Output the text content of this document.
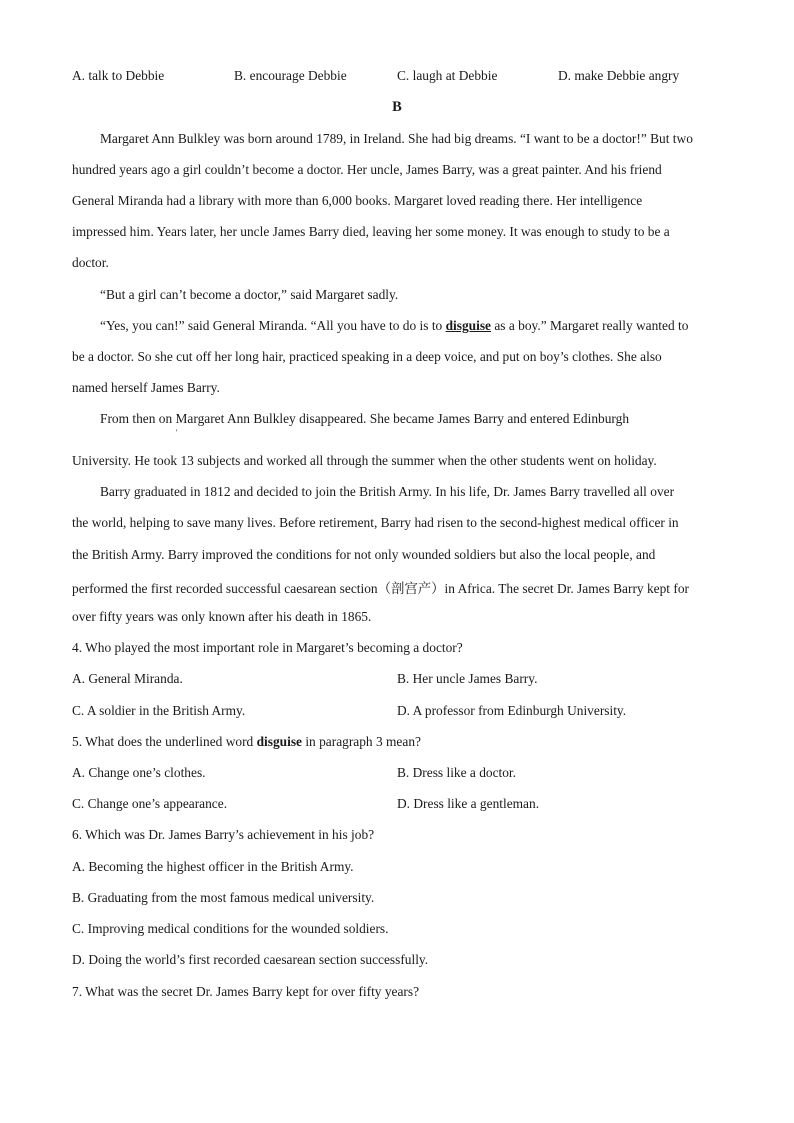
A. talk to Debbie	B. encourage Debbie	C. laugh at Debbie	D. make Debbie angry
B
Margaret Ann Bulkley was born around 1789, in Ireland. She had big dreams. “I want to be a doctor!” But two
hundred years ago a girl couldn’t become a doctor. Her uncle, James Barry, was a great painter. And his friend
General Miranda had a library with more than 6,000 books. Margaret loved reading there. Her intelligence
impressed him. Years later, her uncle James Barry died, leaving her some money. It was enough to study to be a
doctor.
“But a girl can’t become a doctor,” said Margaret sadly.
“Yes, you can!” said General Miranda. “All you have to do is to disguise as a boy.” Margaret really wanted to
be a doctor. So she cut off her long hair, practiced speaking in a deep voice, and put on boy’s clothes. She also
named herself James Barry.
From then on Margaret Ann Bulkley disappeared. She became James Barry and entered Edinburgh
'
University. He took 13 subjects and worked all through the summer when the other students went on holiday.
Barry graduated in 1812 and decided to join the British Army. In his life, Dr. James Barry travelled all over
the world, helping to save many lives. Before retirement, Barry had risen to the second-highest medical officer in
the British Army. Barry improved the conditions for not only wounded soldiers but also the local people, and
performed the first recorded successful caesarean section（剖宫产）in Africa. The secret Dr. James Barry kept for
over fifty years was only known after his death in 1865.
4. Who played the most important role in Margaret’s becoming a doctor?
A. General Miranda.	B. Her uncle James Barry.
C. A soldier in the British Army.	D. A professor from Edinburgh University.
5. What does the underlined word disguise in paragraph 3 mean?
A. Change one’s clothes.	B. Dress like a doctor.
C. Change one’s appearance.	D. Dress like a gentleman.
6. Which was Dr. James Barry’s achievement in his job?
A. Becoming the highest officer in the British Army.
B. Graduating from the most famous medical university.
C. Improving medical conditions for the wounded soldiers.
D. Doing the world’s first recorded caesarean section successfully.
7. What was the secret Dr. James Barry kept for over fifty years?
